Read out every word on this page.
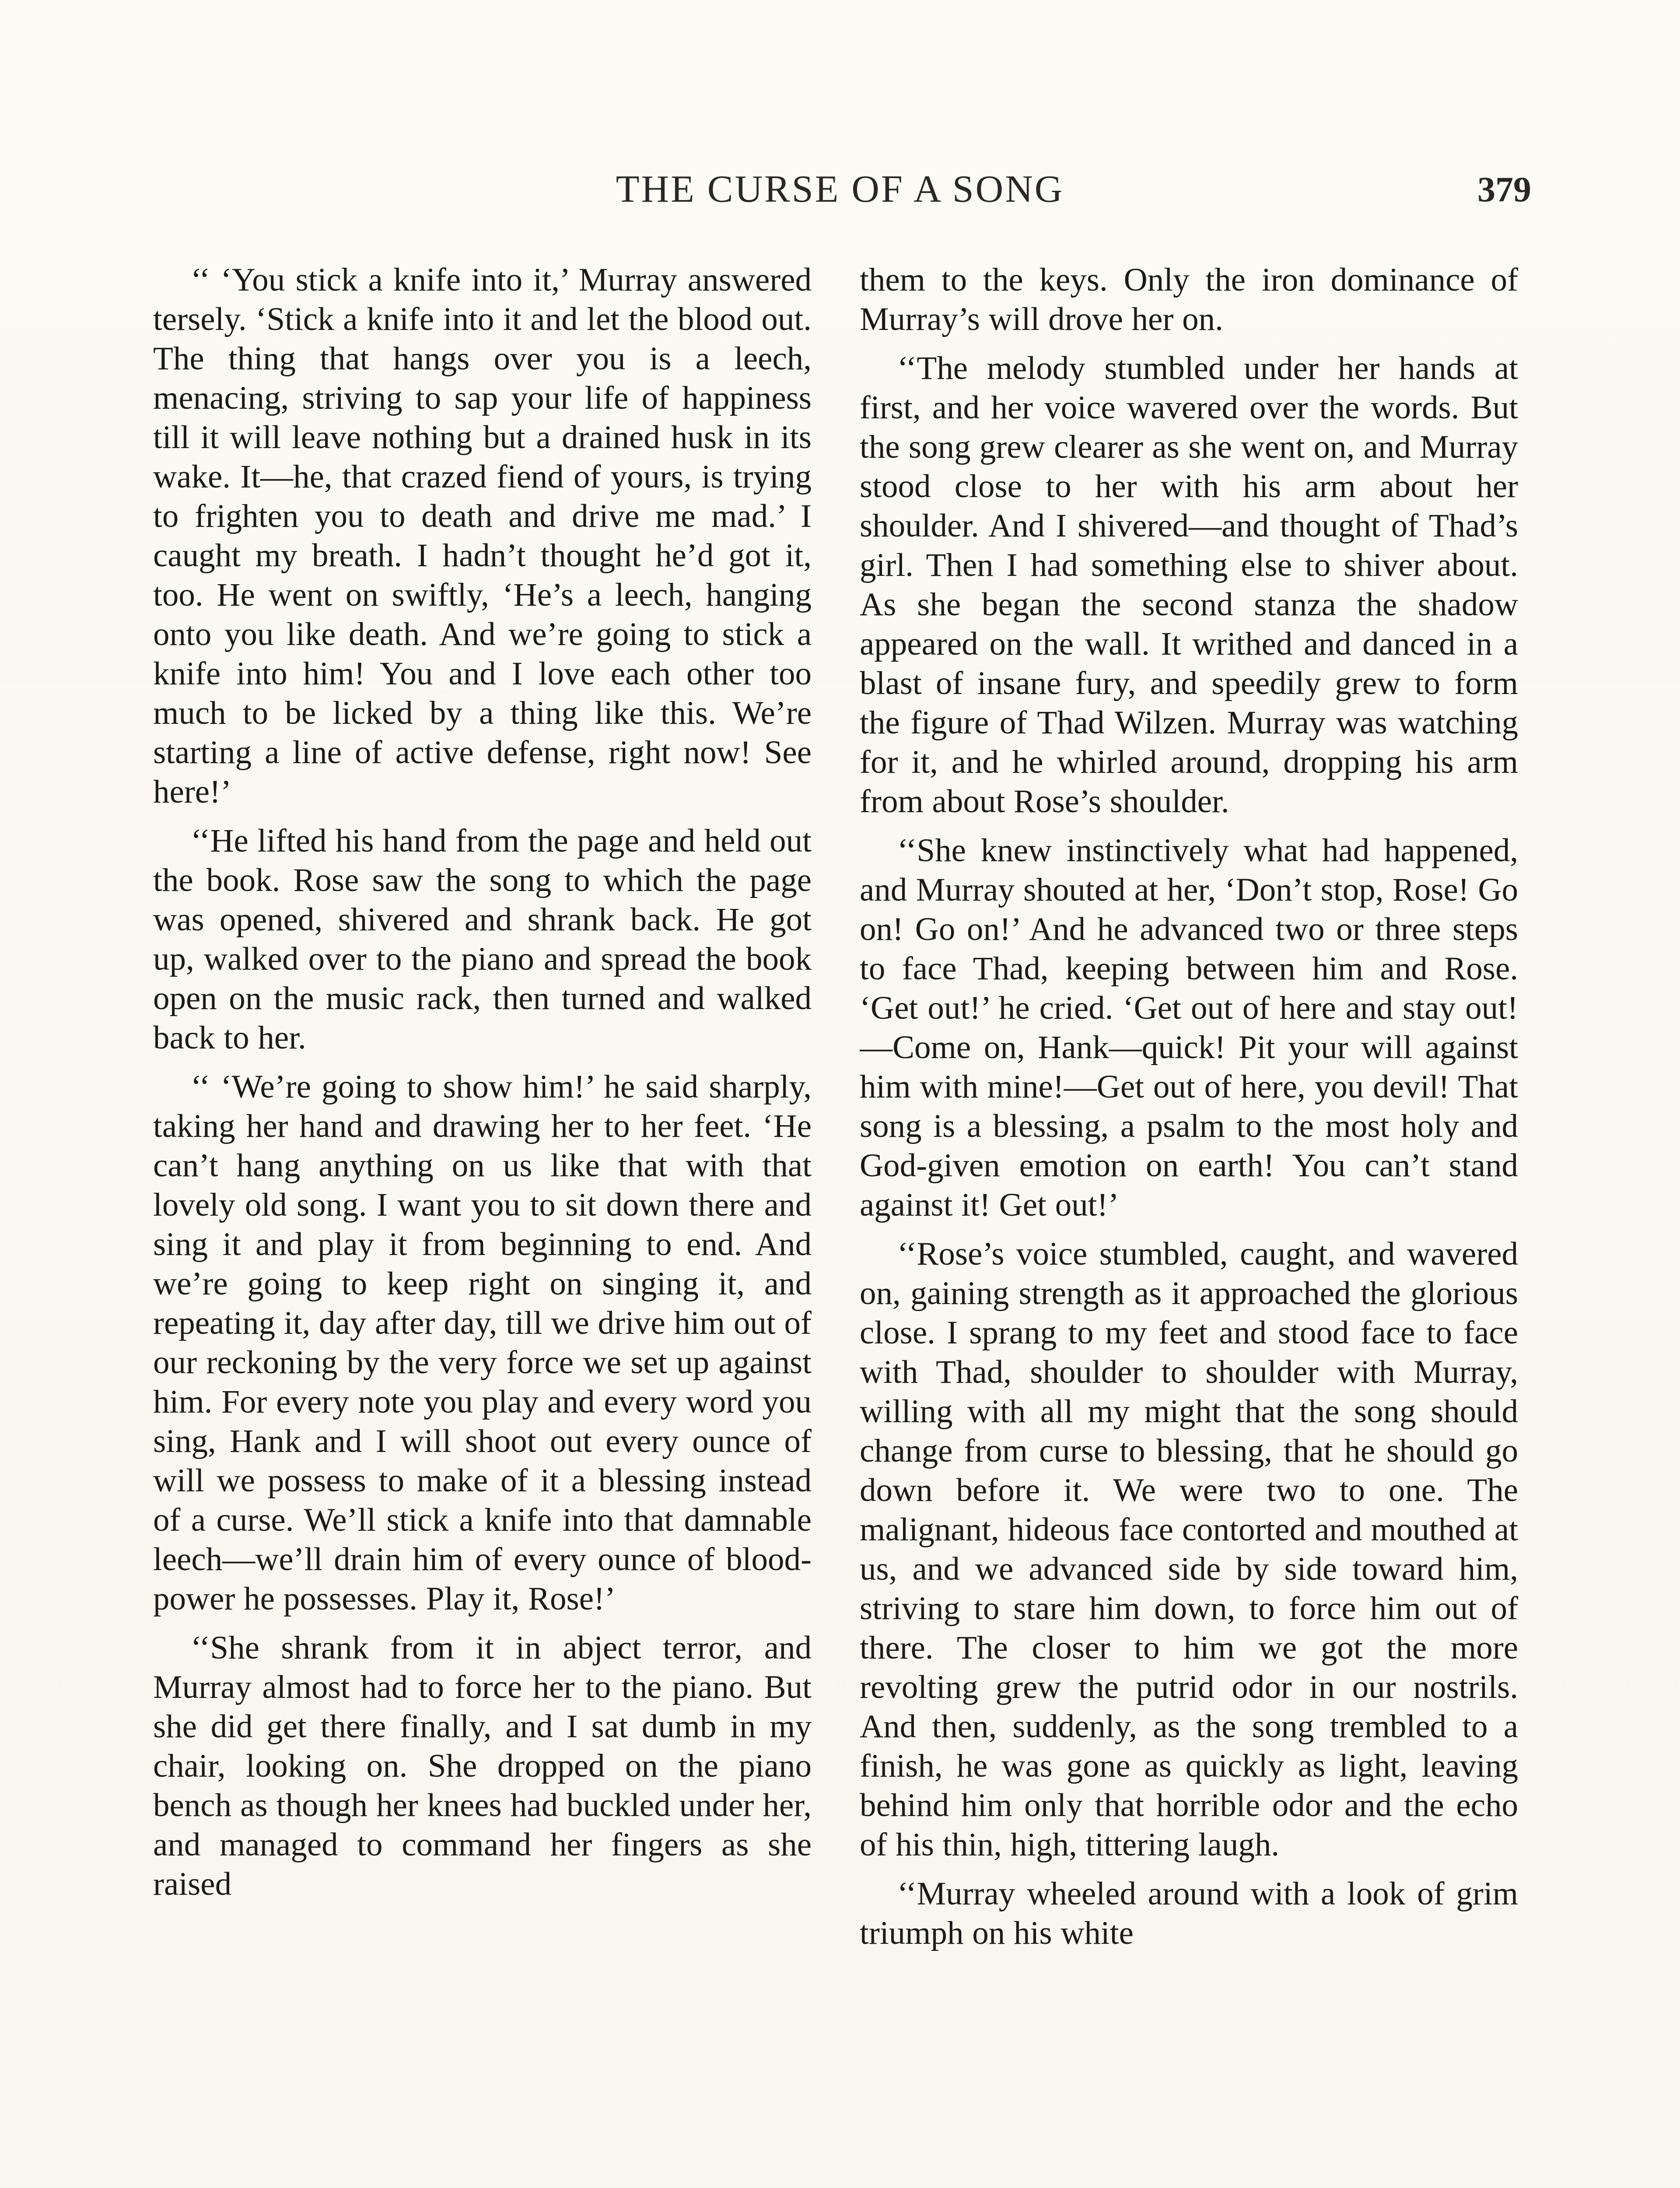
THE CURSE OF A SONG	379

‘‘ ‘You stick a knife into it,’ Murray answered tersely. ‘Stick a knife into it and let the blood out. The thing that hangs over you is a leech, menacing, striving to sap your life of happiness till it will leave nothing but a drained husk in its wake. It—he, that crazed fiend of yours, is trying to frighten you to death and drive me mad.’ I caught my breath. I hadn’t thought he’d got it, too. He went on swiftly, ‘He’s a leech, hanging onto you like death. And we’re going to stick a knife into him! You and I love each other too much to be licked by a thing like this. We’re starting a line of active defense, right now! See here!’

‘‘He lifted his hand from the page and held out the book. Rose saw the song to which the page was opened, shivered and shrank back. He got up, walked over to the piano and spread the book open on the music rack, then turned and walked back to her.

‘‘ ‘We’re going to show him!’ he said sharply, taking her hand and drawing her to her feet. ‘He can’t hang anything on us like that with that lovely old song. I want you to sit down there and sing it and play it from beginning to end. And we’re going to keep right on singing it, and repeating it, day after day, till we drive him out of our reckoning by the very force we set up against him. For every note you play and every word you sing, Hank and I will shoot out every ounce of will we possess to make of it a blessing instead of a curse. We’ll stick a knife into that damnable leech—we’ll drain him of every ounce of blood-power he possesses. Play it, Rose!’

‘‘She shrank from it in abject terror, and Murray almost had to force her to the piano. But she did get there finally, and I sat dumb in my chair, looking on. She dropped on the piano bench as though her knees had buckled under her, and managed to command her fingers as she raised

them to the keys. Only the iron dominance of Murray’s will drove her on.

‘‘The melody stumbled under her hands at first, and her voice wavered over the words. But the song grew clearer as she went on, and Murray stood close to her with his arm about her shoulder. And I shivered—and thought of Thad’s girl. Then I had something else to shiver about. As she began the second stanza the shadow appeared on the wall. It writhed and danced in a blast of insane fury, and speedily grew to form the figure of Thad Wilzen. Murray was watching for it, and he whirled around, dropping his arm from about Rose’s shoulder.

‘‘She knew instinctively what had happened, and Murray shouted at her, ‘Don’t stop, Rose! Go on! Go on!’ And he advanced two or three steps to face Thad, keeping between him and Rose. ‘Get out!’ he cried. ‘Get out of here and stay out!—Come on, Hank—quick! Pit your will against him with mine!—Get out of here, you devil! That song is a blessing, a psalm to the most holy and God-given emotion on earth! You can’t stand against it! Get out!’

‘‘Rose’s voice stumbled, caught, and wavered on, gaining strength as it approached the glorious close. I sprang to my feet and stood face to face with Thad, shoulder to shoulder with Murray, willing with all my might that the song should change from curse to blessing, that he should go down before it. We were two to one. The malignant, hideous face contorted and mouthed at us, and we advanced side by side toward him, striving to stare him down, to force him out of there. The closer to him we got the more revolting grew the putrid odor in our nostrils. And then, suddenly, as the song trembled to a finish, he was gone as quickly as light, leaving behind him only that horrible odor and the echo of his thin, high, tittering laugh.

‘‘Murray wheeled around with a look of grim triumph on his white
